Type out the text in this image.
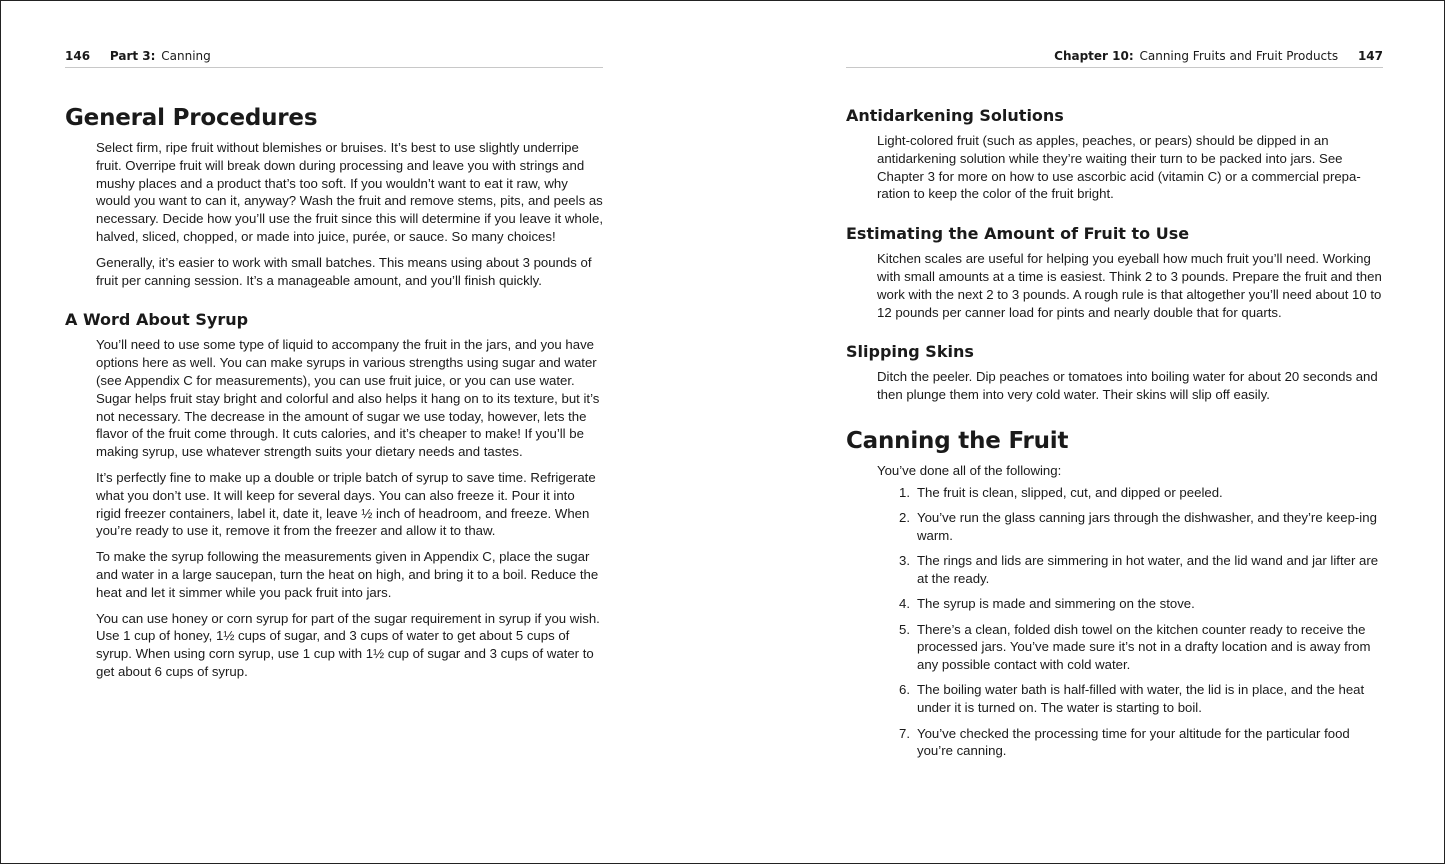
146 Part 3: Canning
General Procedures

Select firm, ripe fruit without blemishes or bruises. It’s best to use slightly underripe fruit. Overripe fruit will break down during processing and leave you with strings and mushy places and a product that’s too soft. If you wouldn’t want to eat it raw, why would you want to can it, anyway? Wash the fruit and remove stems, pits, and peels as necessary. Decide how you’ll use the fruit since this will determine if you leave it whole, halved, sliced, chopped, or made into juice, purée, or sauce. So many choices!

Generally, it’s easier to work with small batches. This means using about 3 pounds of fruit per canning session. It’s a manageable amount, and you’ll finish quickly.

A Word About Syrup

You’ll need to use some type of liquid to accompany the fruit in the jars, and you have options here as well. You can make syrups in various strengths using sugar and water (see Appendix C for measurements), you can use fruit juice, or you can use water. Sugar helps fruit stay bright and colorful and also helps it hang on to its texture, but it’s not necessary. The decrease in the amount of sugar we use today, however, lets the flavor of the fruit come through. It cuts calories, and it’s cheaper to make! If you’ll be making syrup, use whatever strength suits your dietary needs and tastes.

It’s perfectly fine to make up a double or triple batch of syrup to save time. Refrigerate what you don’t use. It will keep for several days. You can also freeze it. Pour it into rigid freezer containers, label it, date it, leave ½ inch of headroom, and freeze. When you’re ready to use it, remove it from the freezer and allow it to thaw.

To make the syrup following the measurements given in Appendix C, place the sugar and water in a large saucepan, turn the heat on high, and bring it to a boil. Reduce the heat and let it simmer while you pack fruit into jars.

You can use honey or corn syrup for part of the sugar requirement in syrup if you wish. Use 1 cup of honey, 1½ cups of sugar, and 3 cups of water to get about 5 cups of syrup. When using corn syrup, use 1 cup with 1½ cup of sugar and 3 cups of water to get about 6 cups of syrup.

Chapter 10: Canning Fruits and Fruit Products 147
Antidarkening Solutions

Light-colored fruit (such as apples, peaches, or pears) should be dipped in an antidarkening solution while they’re waiting their turn to be packed into jars. See Chapter 3 for more on how to use ascorbic acid (vitamin C) or a commercial prepa-ration to keep the color of the fruit bright.

Estimating the Amount of Fruit to Use

Kitchen scales are useful for helping you eyeball how much fruit you’ll need. Working with small amounts at a time is easiest. Think 2 to 3 pounds. Prepare the fruit and then work with the next 2 to 3 pounds. A rough rule is that altogether you’ll need about 10 to 12 pounds per canner load for pints and nearly double that for quarts.

Slipping Skins

Ditch the peeler. Dip peaches or tomatoes into boiling water for about 20 seconds and then plunge them into very cold water. Their skins will slip off easily.

Canning the Fruit

You’ve done all of the following:

1. The fruit is clean, slipped, cut, and dipped or peeled.
2. You’ve run the glass canning jars through the dishwasher, and they’re keep-ing warm.
3. The rings and lids are simmering in hot water, and the lid wand and jar lifter are at the ready.
4. The syrup is made and simmering on the stove.
5. There’s a clean, folded dish towel on the kitchen counter ready to receive the processed jars. You’ve made sure it’s not in a drafty location and is away from any possible contact with cold water.
6. The boiling water bath is half-filled with water, the lid is in place, and the heat under it is turned on. The water is starting to boil.
7. You’ve checked the processing time for your altitude for the particular food you’re canning.
